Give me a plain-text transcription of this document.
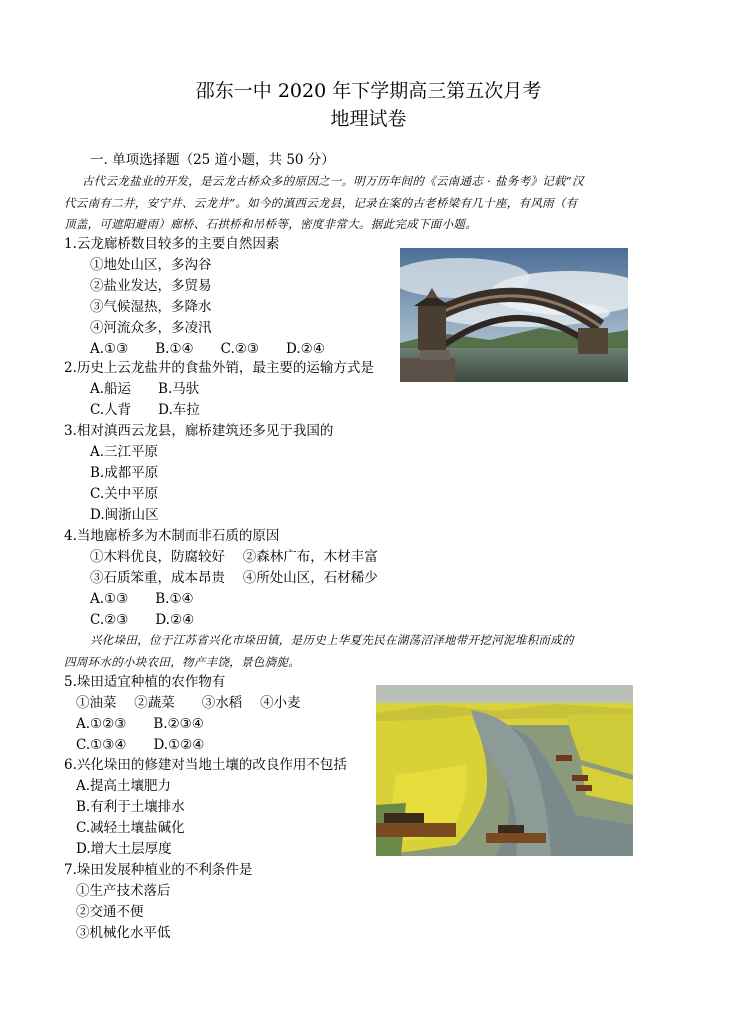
邵东一中 2020 年下学期高三第五次月考
地理试卷
一. 单项选择题（25 道小题，共 50 分）
古代云龙盐业的开发，是云龙古桥众多的原因之一。明万历年间的《云南通志 · 盐务考》记载“汉
代云南有二井，安宁井、云龙井”。如今的滇西云龙县，记录在案的古老桥梁有几十座，有风雨（有
顶盖，可遮阳避雨）廊桥、石拱桥和吊桥等，密度非常大。据此完成下面小题。
1.云龙廊桥数目较多的主要自然因素
①地处山区，多沟谷
②盐业发达，多贸易
③气候湿热，多降水
④河流众多，多凌汛
A.①③　　B.①④　　C.②③　　D.②④
2.历史上云龙盐井的食盐外销，最主要的运输方式是
A.船运　　B.马驮
C.人背　　D.车拉
3.相对滇西云龙县，廊桥建筑还多见于我国的
A.三江平原
B.成都平原
C.关中平原
D.闽浙山区
4.当地廊桥多为木制而非石质的原因
①木料优良，防腐较好　 ②森林广布，木材丰富
③石质笨重，成本昂贵　 ④所处山区，石材稀少
A.①③　　B.①④
C.②③　　D.②④
兴化垛田，位于江苏省兴化市垛田镇，是历史上华夏先民在湖荡沼泽地带开挖河泥堆积而成的
四周环水的小块农田，物产丰饶，景色旖旎。
5.垛田适宜种植的农作物有
①油菜　 ②蔬菜　　③水稻　 ④小麦
A.①②③　　B.②③④
C.①③④　　D.①②④
6.兴化垛田的修建对当地土壤的改良作用不包括
A.提高土壤肥力
B.有利于土壤排水
C.减轻土壤盐碱化
D.增大土层厚度
7.垛田发展种植业的不利条件是
①生产技术落后
②交通不便
③机械化水平低
